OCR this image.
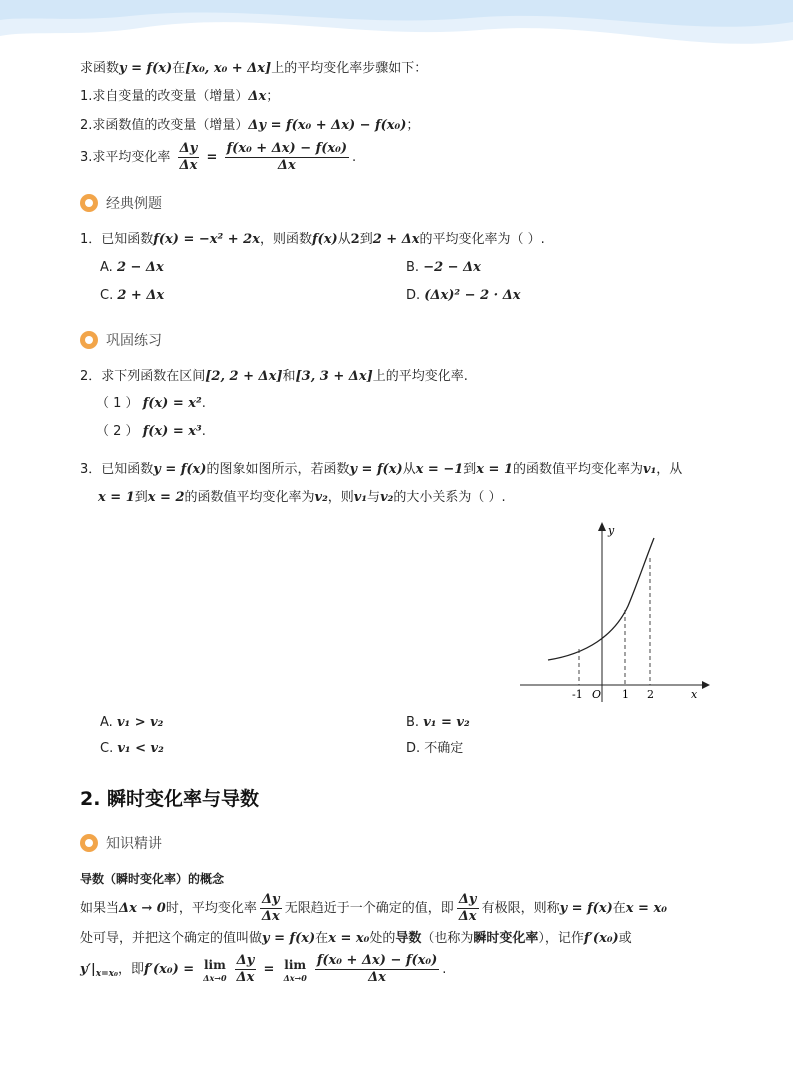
求函数y = f(x)在[x₀, x₀ + Δx]上的平均变化率步骤如下：
1.求自变量的改变量（增量）Δx；
2.求函数值的改变量（增量）Δy = f(x₀ + Δx) − f(x₀)；
3.求平均变化率 $\frac{\Delta y}{\Delta x} = \frac{\text{f(x₀ + Δx) − f(x₀)}}{\Delta x}$ .
经典例题
1．已知函数f(x) = −x² + 2x，则函数f(x)从2到2 + Δx的平均变化率为（ ）.
A. 2 − Δx	B. −2 − Δx
C. 2 + Δx	D. (Δx)² − 2 · Δx
巩固练习
2．求下列函数在区间[2, 2 + Δx]和[3, 3 + Δx]上的平均变化率.
（ 1 ） f(x) = x².
（ 2 ） f(x) = x³.
3．已知函数y = f(x)的图象如图所示，若函数y = f(x)从x = −1到x = 1的函数值平均变化率为v₁，从
x = 1到x = 2的函数值平均变化率为v₂，则v₁与v₂的大小关系为（ ）.
y
x
O
-1	1 2
A. v₁ > v₂	B. v₁ = v₂
C. v₁ < v₂	D. 不确定
2. 瞬时变化率与导数
知识精讲
导数（瞬时变化率）的概念
如果当Δx → 0时，平均变化率 $\frac{\Delta y}{\Delta x}$ 无限趋近于一个确定的值，即 $\frac{\Delta y}{\Delta x}$ 有极限，则称y = f(x)在x = x₀
处可导，并把这个确定的值叫做y = f(x)在x = x₀处的导数（也称为瞬时变化率），记作f′(x₀)或
$y'|_{x=x_0}$，即f′(x₀) = lim
$\Delta x\to 0 \frac{\Delta y}{\Delta x} = \lim$
$\Delta x\to 0 \frac{\text{f(x₀ + Δx) − f(x₀)}}{\Delta x}$ .
